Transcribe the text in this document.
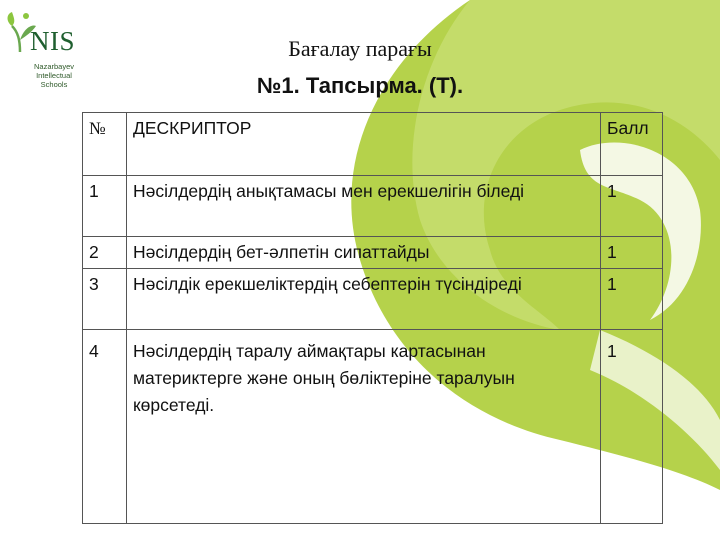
NIS
Nazarbayev
Intellectual
Schools
Бағалау парағы
№1. Тапсырма. (Т).
№	ДЕСКРИПТОР	Балл
1	Нәсілдердің анықтамасы мен ерекшелігін біледі	1
2	Нәсілдердің бет-әлпетін сипаттайды	1
3	Нәсілдік ерекшеліктердің себептерін түсіндіреді	1
4	Нәсілдердің таралу аймақтары картасынан материктерге және оның бөліктеріне таралуын көрсетеді.	1
